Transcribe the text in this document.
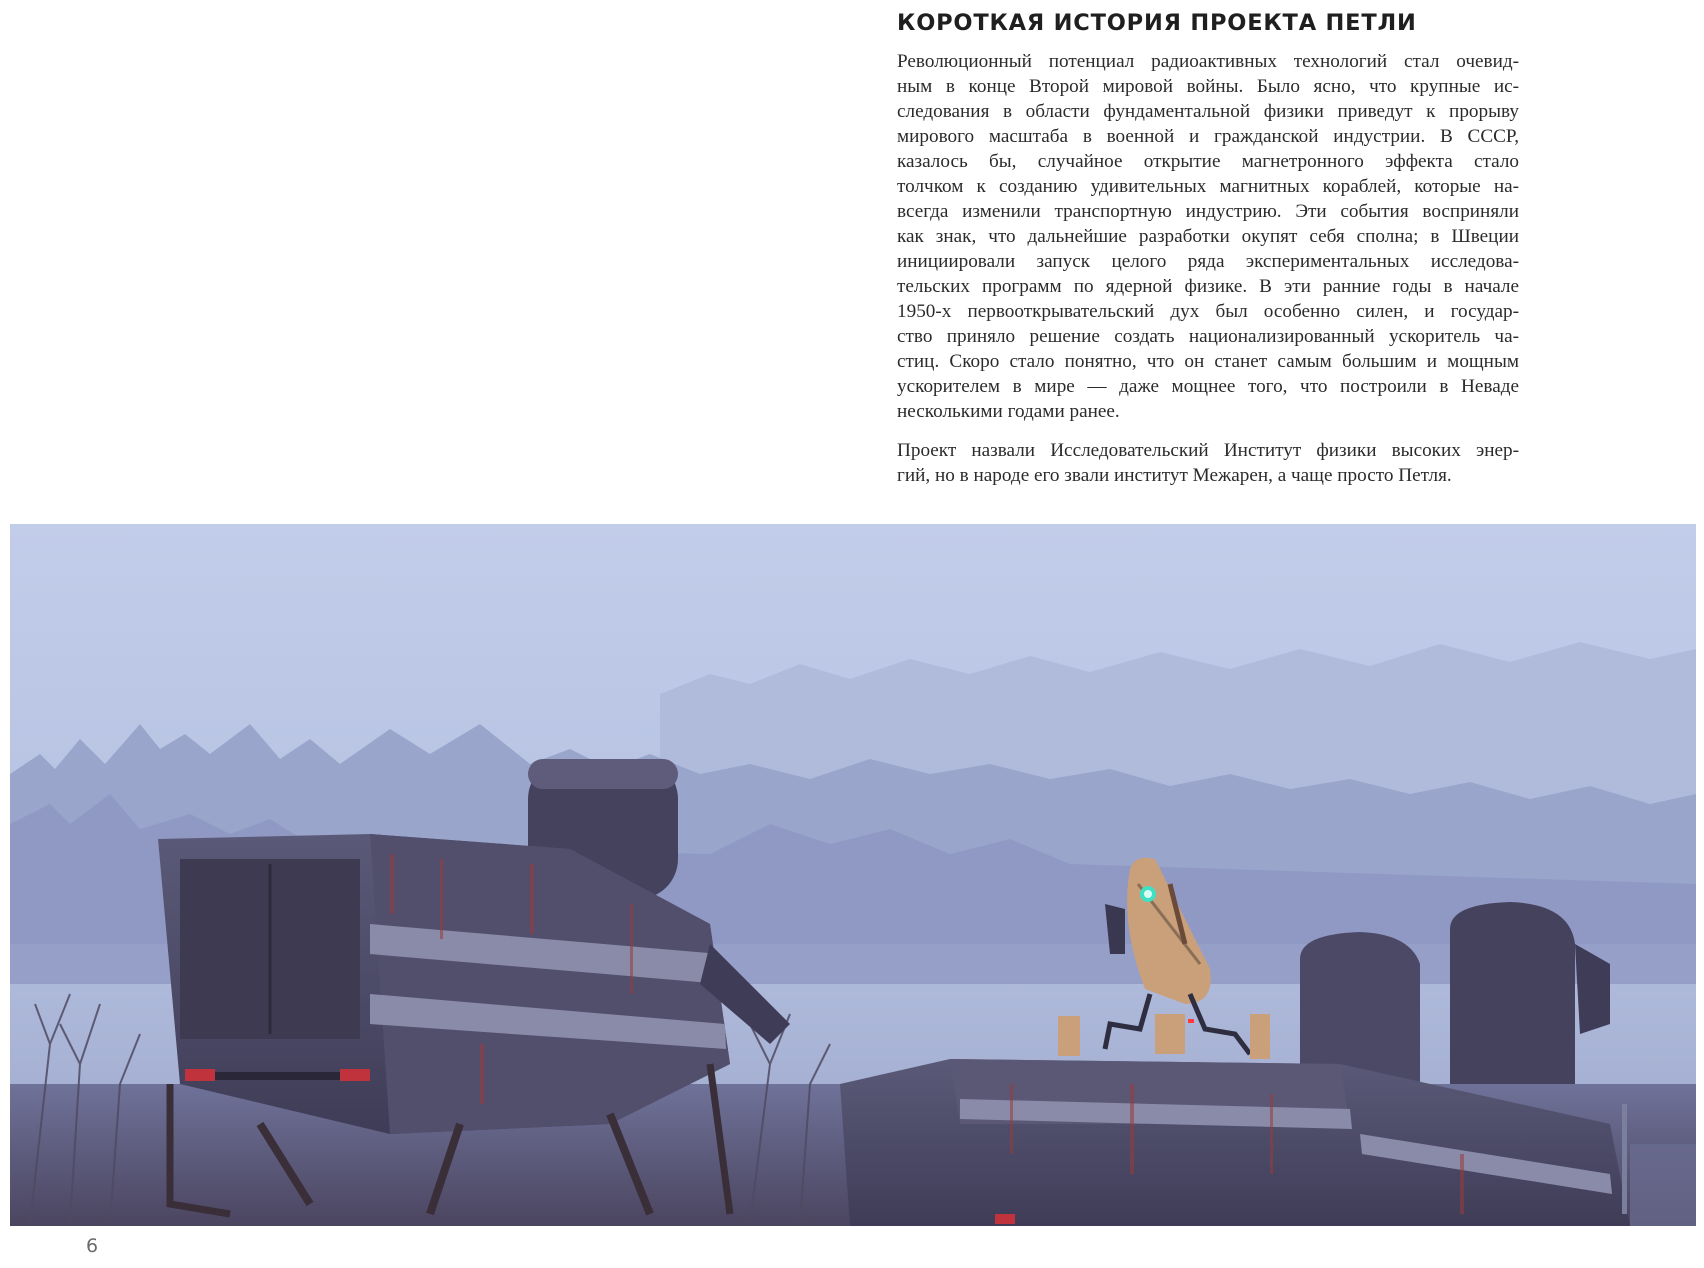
КОРОТКАЯ ИСТОРИЯ ПРОЕКТА ПЕТЛИ
Революционный потенциал радиоактивных технологий стал очевид-
ным в конце Второй мировой войны. Было ясно, что крупные ис-
следования в области фундаментальной физики приведут к прорыву
мирового масштаба в военной и гражданской индустрии. В СССР,
казалось бы, случайное открытие магнетронного эффекта стало
толчком к созданию удивительных магнитных кораблей, которые на-
всегда изменили транспортную индустрию. Эти события восприняли
как знак, что дальнейшие разработки окупят себя сполна; в Швеции
инициировали запуск целого ряда экспериментальных исследова-
тельских программ по ядерной физике. В эти ранние годы в начале
1950-х первооткрывательский дух был особенно силен, и государ-
ство приняло решение создать национализированный ускоритель ча-
стиц. Скоро стало понятно, что он станет самым большим и мощным
ускорителем в мире — даже мощнее того, что построили в Неваде
несколькими годами ранее.
Проект назвали Исследовательский Институт физики высоких энер-
гий, но в народе его звали институт Межарен, а чаще просто Петля.
6
